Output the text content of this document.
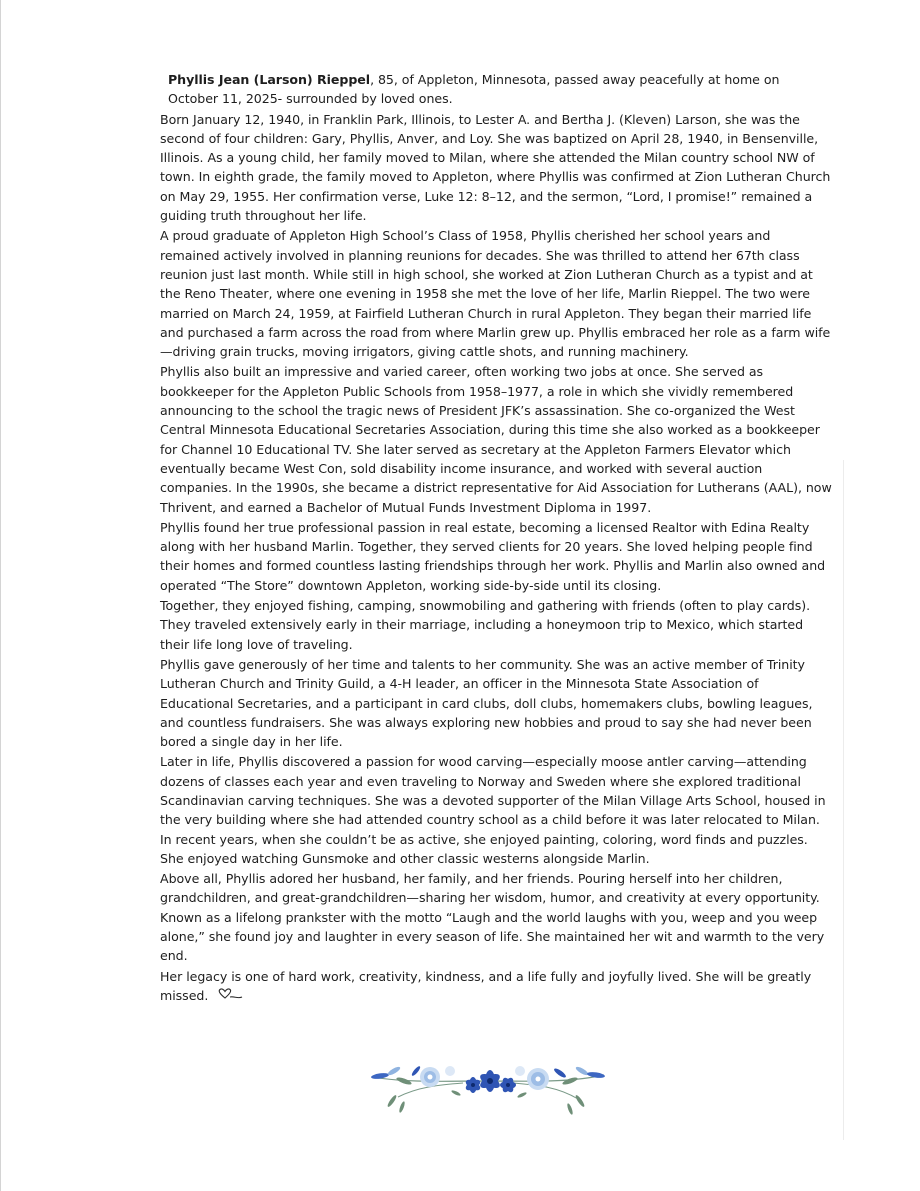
Phyllis Jean (Larson) Rieppel, 85, of Appleton, Minnesota, passed away peacefully at home on October 11, 2025- surrounded by loved ones.

Born January 12, 1940, in Franklin Park, Illinois, to Lester A. and Bertha J. (Kleven) Larson, she was the second of four children: Gary, Phyllis, Anver, and Loy. She was baptized on April 28, 1940, in Bensenville, Illinois. As a young child, her family moved to Milan, where she attended the Milan country school NW of town. In eighth grade, the family moved to Appleton, where Phyllis was confirmed at Zion Lutheran Church on May 29, 1955. Her confirmation verse, Luke 12: 8–12, and the sermon, “Lord, I promise!” remained a guiding truth throughout her life.

A proud graduate of Appleton High School’s Class of 1958, Phyllis cherished her school years and remained actively involved in planning reunions for decades. She was thrilled to attend her 67th class reunion just last month. While still in high school, she worked at Zion Lutheran Church as a typist and at the Reno Theater, where one evening in 1958 she met the love of her life, Marlin Rieppel. The two were married on March 24, 1959, at Fairfield Lutheran Church in rural Appleton. They began their married life and purchased a farm across the road from where Marlin grew up. Phyllis embraced her role as a farm wife—driving grain trucks, moving irrigators, giving cattle shots, and running machinery.

Phyllis also built an impressive and varied career, often working two jobs at once. She served as bookkeeper for the Appleton Public Schools from 1958–1977, a role in which she vividly remembered announcing to the school the tragic news of President JFK’s assassination. She co-organized the West Central Minnesota Educational Secretaries Association, during this time she also worked as a bookkeeper for Channel 10 Educational TV. She later served as secretary at the Appleton Farmers Elevator which eventually became West Con, sold disability income insurance, and worked with several auction companies. In the 1990s, she became a district representative for Aid Association for Lutherans (AAL), now Thrivent, and earned a Bachelor of Mutual Funds Investment Diploma in 1997.

Phyllis found her true professional passion in real estate, becoming a licensed Realtor with Edina Realty along with her husband Marlin. Together, they served clients for 20 years. She loved helping people find their homes and formed countless lasting friendships through her work. Phyllis and Marlin also owned and operated “The Store” downtown Appleton, working side-by-side until its closing.

Together, they enjoyed fishing, camping, snowmobiling and gathering with friends (often to play cards). They traveled extensively early in their marriage, including a honeymoon trip to Mexico, which started their life long love of traveling.

Phyllis gave generously of her time and talents to her community. She was an active member of Trinity Lutheran Church and Trinity Guild, a 4-H leader, an officer in the Minnesota State Association of Educational Secretaries, and a participant in card clubs, doll clubs, homemakers clubs, bowling leagues, and countless fundraisers. She was always exploring new hobbies and proud to say she had never been bored a single day in her life.

Later in life, Phyllis discovered a passion for wood carving—especially moose antler carving—attending dozens of classes each year and even traveling to Norway and Sweden where she explored traditional Scandinavian carving techniques. She was a devoted supporter of the Milan Village Arts School, housed in the very building where she had attended country school as a child before it was later relocated to Milan. In recent years, when she couldn’t be as active, she enjoyed painting, coloring, word finds and puzzles. She enjoyed watching Gunsmoke and other classic westerns alongside Marlin.

Above all, Phyllis adored her husband, her family, and her friends. Pouring herself into her children, grandchildren, and great-grandchildren—sharing her wisdom, humor, and creativity at every opportunity. Known as a lifelong prankster with the motto “Laugh and the world laughs with you, weep and you weep alone,” she found joy and laughter in every season of life. She maintained her wit and warmth to the very end.

Her legacy is one of hard work, creativity, kindness, and a life fully and joyfully lived. She will be greatly missed.
